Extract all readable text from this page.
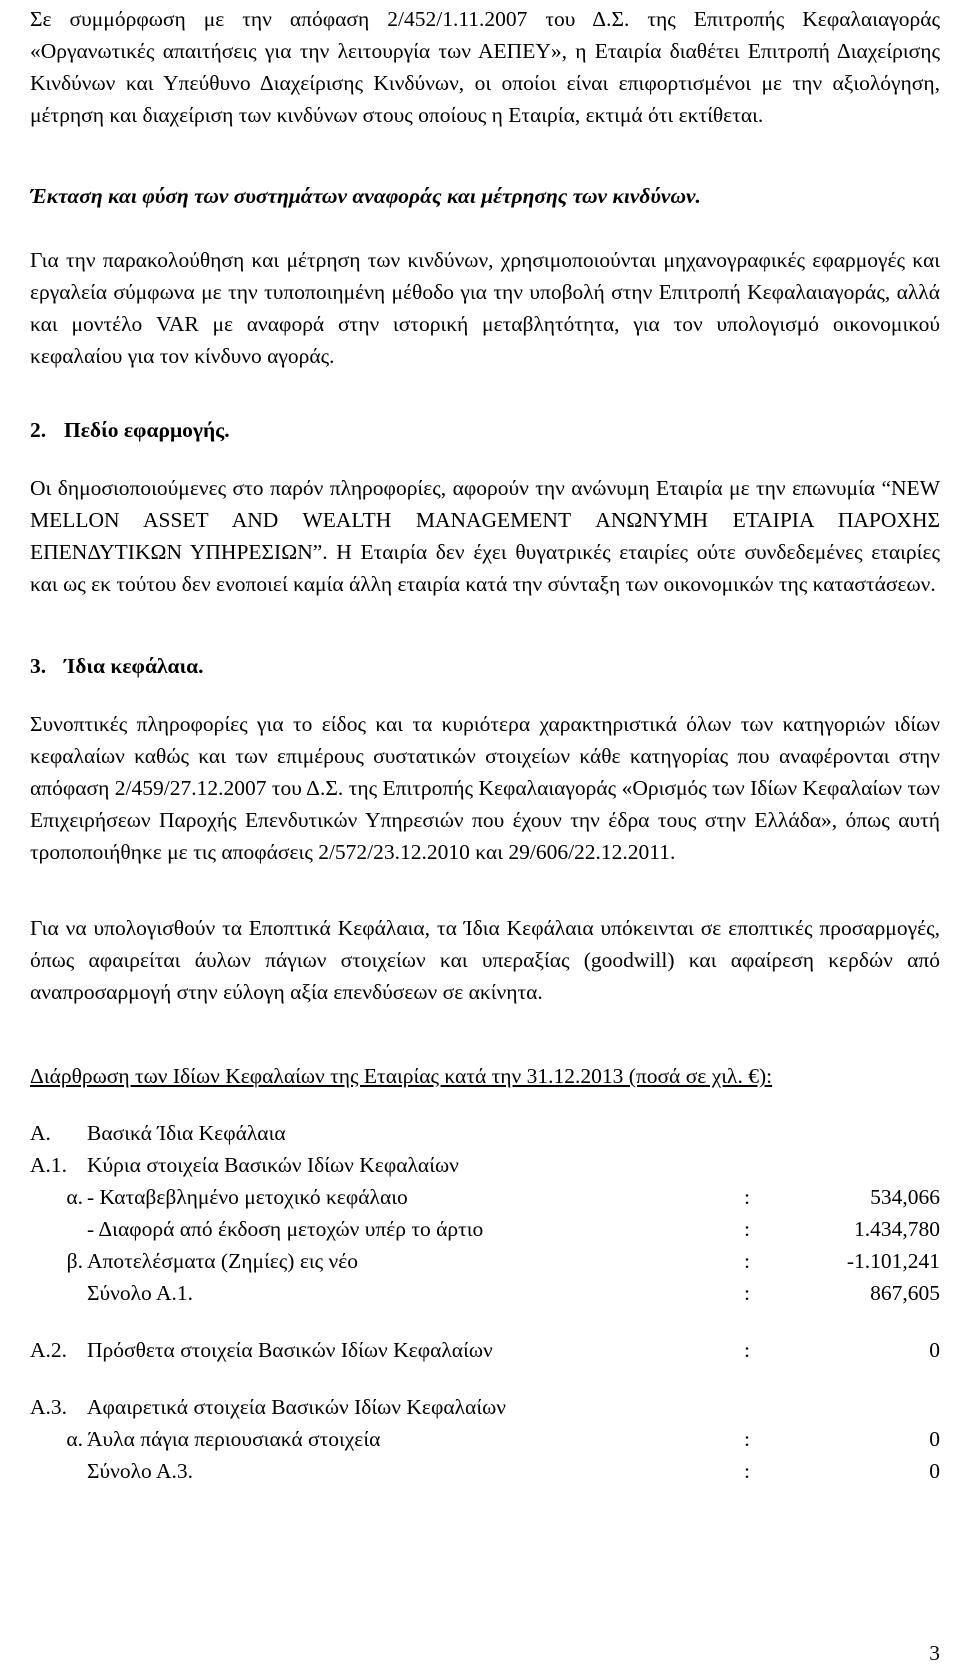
Σε συμμόρφωση με την απόφαση 2/452/1.11.2007 του Δ.Σ. της Επιτροπής Κεφαλαιαγοράς «Οργανωτικές απαιτήσεις για την λειτουργία των ΑΕΠΕΥ», η Εταιρία διαθέτει Επιτροπή Διαχείρισης Κινδύνων και Υπεύθυνο Διαχείρισης Κινδύνων, οι οποίοι είναι επιφορτισμένοι με την αξιολόγηση, μέτρηση και διαχείριση των κινδύνων στους οποίους η Εταιρία, εκτιμά ότι εκτίθεται.

Έκταση και φύση των συστημάτων αναφοράς και μέτρησης των κινδύνων.

Για την παρακολούθηση και μέτρηση των κινδύνων, χρησιμοποιούνται μηχανογραφικές εφαρμογές και εργαλεία σύμφωνα με την τυποποιημένη μέθοδο για την υποβολή στην Επιτροπή Κεφαλαιαγοράς, αλλά και μοντέλο VAR με αναφορά στην ιστορική μεταβλητότητα, για τον υπολογισμό οικονομικού κεφαλαίου για τον κίνδυνο αγοράς.

2. Πεδίο εφαρμογής.

Οι δημοσιοποιούμενες στο παρόν πληροφορίες, αφορούν την ανώνυμη Εταιρία με την επωνυμία “NEW MELLON ASSET AND WEALTH MANAGEMENT ΑΝΩΝΥΜΗ ΕΤΑΙΡΙΑ ΠΑΡΟΧΗΣ ΕΠΕΝΔΥΤΙΚΩΝ ΥΠΗΡΕΣΙΩΝ”. Η Εταιρία δεν έχει θυγατρικές εταιρίες ούτε συνδεδεμένες εταιρίες και ως εκ τούτου δεν ενοποιεί καμία άλλη εταιρία κατά την σύνταξη των οικονομικών της καταστάσεων.

3. Ίδια κεφάλαια.

Συνοπτικές πληροφορίες για το είδος και τα κυριότερα χαρακτηριστικά όλων των κατηγοριών ιδίων κεφαλαίων καθώς και των επιμέρους συστατικών στοιχείων κάθε κατηγορίας που αναφέρονται στην απόφαση 2/459/27.12.2007 του Δ.Σ. της Επιτροπής Κεφαλαιαγοράς «Ορισμός των Ιδίων Κεφαλαίων των Επιχειρήσεων Παροχής Επενδυτικών Υπηρεσιών που έχουν την έδρα τους στην Ελλάδα», όπως αυτή τροποποιήθηκε με τις αποφάσεις 2/572/23.12.2010 και 29/606/22.12.2011.

Για να υπολογισθούν τα Εποπτικά Κεφάλαια, τα Ίδια Κεφάλαια υπόκεινται σε εποπτικές προσαρμογές, όπως αφαιρείται άυλων πάγιων στοιχείων και υπεραξίας (goodwill) και αφαίρεση κερδών από αναπροσαρμογή στην εύλογη αξία επενδύσεων σε ακίνητα.

Διάρθρωση των Ιδίων Κεφαλαίων της Εταιρίας κατά την 31.12.2013 (ποσά σε χιλ. €):

Α. Βασικά Ίδια Κεφάλαια
Α.1. Κύρια στοιχεία Βασικών Ιδίων Κεφαλαίων
α. - Καταβεβλημένο μετοχικό κεφάλαιο	:	534,066
- Διαφορά από έκδοση μετοχών υπέρ το άρτιο	:	1.434,780
β. Αποτελέσματα (Ζημίες) εις νέο	:	-1.101,241
Σύνολο Α.1.	:	867,605
Α.2. Πρόσθετα στοιχεία Βασικών Ιδίων Κεφαλαίων	:	0
Α.3. Αφαιρετικά στοιχεία Βασικών Ιδίων Κεφαλαίων
α. Άυλα πάγια περιουσιακά στοιχεία	:	0
Σύνολο Α.3.	:	0
3
